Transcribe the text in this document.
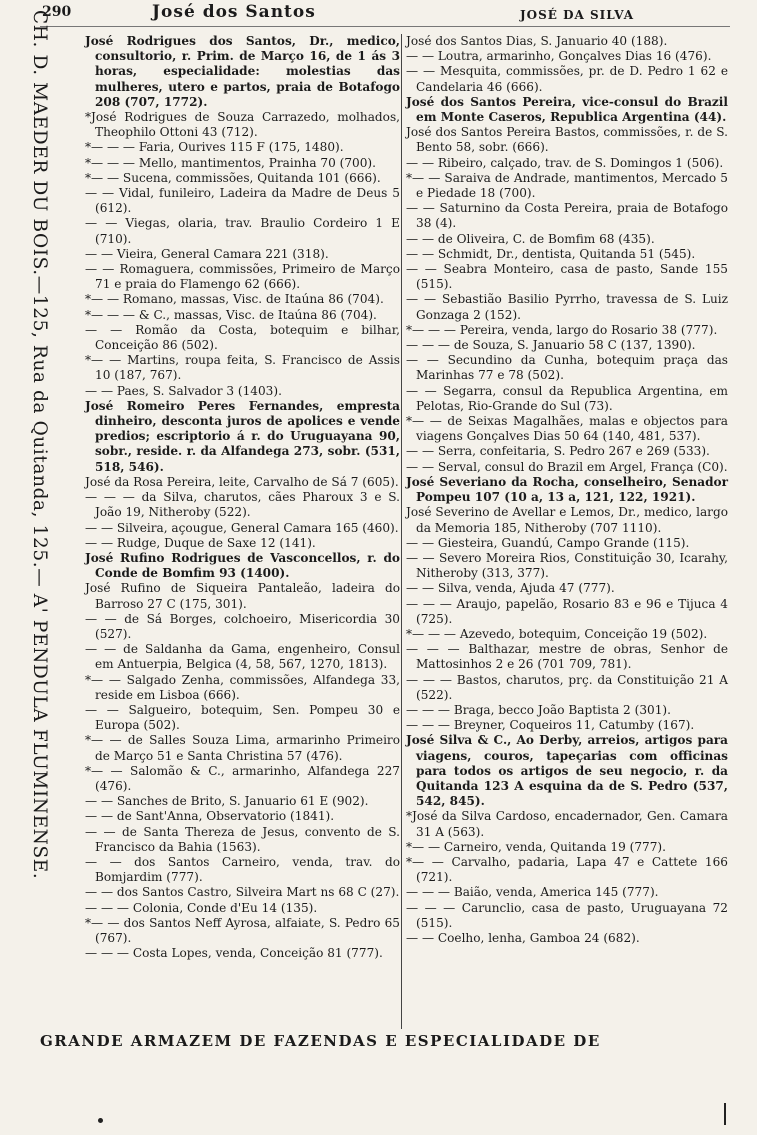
290	José dos Santos	JOSÉ DA SILVA
CH. D. MAEDER DU BOIS.—125, Rua da Quitanda, 125.— A' PENDULA FLUMINENSE.	José Rodrigues dos Santos, Dr., medico, consultorio, r. Prim. de Março 16, de 1 ás 3 horas, especialidade: molestias das mulheres, utero e partos, praia de Botafogo 208 (707, 1772).

*José Rodrigues de Souza Carrazedo, molhados, Theophilo Ottoni 43 (712).

*— — — Faria, Ourives 115 F (175, 1480).

*— — — Mello, mantimentos, Prainha 70 (700).

*— — Sucena, commissões, Quitanda 101 (666).

— — Vidal, funileiro, Ladeira da Madre de Deus 5 (612).

— — Viegas, olaria, trav. Braulio Cordeiro 1 E (710).

— — Vieira, General Camara 221 (318).

— — Romaguera, commissões, Primeiro de Março 71 e praia do Flamengo 62 (666).

*— — Romano, massas, Visc. de Itaúna 86 (704).

*— — — & C., massas, Visc. de Itaúna 86 (704).

— — Romão da Costa, botequim e bilhar, Conceição 86 (502).

*— — Martins, roupa feita, S. Francisco de Assis 10 (187, 767).

— — Paes, S. Salvador 3 (1403).

José Romeiro Peres Fernandes, empresta dinheiro, desconta juros de apolices e vende predios; escriptorio á r. do Uruguayana 90, sobr., reside. r. da Alfandega 273, sobr. (531, 518, 546).

José da Rosa Pereira, leite, Carvalho de Sá 7 (605).

— — — da Silva, charutos, cães Pharoux 3 e S. João 19, Nitheroby (522).

— — Silveira, açougue, General Camara 165 (460).

— — Rudge, Duque de Saxe 12 (141).

José Rufino Rodrigues de Vasconcellos, r. do Conde de Bomfim 93 (1400).

José Rufino de Siqueira Pantaleão, ladeira do Barroso 27 C (175, 301).

— — de Sá Borges, colchoeiro, Misericordia 30 (527).

— — de Saldanha da Gama, engenheiro, Consul em Antuerpia, Belgica (4, 58, 567, 1270, 1813).

*— — Salgado Zenha, commissões, Alfandega 33, reside em Lisboa (666).

— — Salgueiro, botequim, Sen. Pompeu 30 e Europa (502).

*— — de Salles Souza Lima, armarinho Primeiro de Março 51 e Santa Christina 57 (476).

*— — Salomão & C., armarinho, Alfandega 227 (476).

— — Sanches de Brito, S. Januario 61 E (902).

— — de Sant'Anna, Observatorio (1841).

— — de Santa Thereza de Jesus, convento de S. Francisco da Bahia (1563).

— — dos Santos Carneiro, venda, trav. do Bomjardim (777).

— — dos Santos Castro, Silveira Mart ns 68 C (27).

— — — Colonia, Conde d'Eu 14 (135).

*— — dos Santos Neff Ayrosa, alfaiate, S. Pedro 65 (767).

— — — Costa Lopes, venda, Conceição 81 (777).

José dos Santos Dias, S. Januario 40 (188).

— — Loutra, armarinho, Gonçalves Dias 16 (476).

— — Mesquita, commissões, pr. de D. Pedro 1 62 e Candelaria 46 (666).

José dos Santos Pereira, vice-consul do Brazil em Monte Caseros, Republica Argentina (44).

José dos Santos Pereira Bastos, commissões, r. de S. Bento 58, sobr. (666).

— — Ribeiro, calçado, trav. de S. Domingos 1 (506).

*— — Saraiva de Andrade, mantimentos, Mercado 5 e Piedade 18 (700).

— — Saturnino da Costa Pereira, praia de Botafogo 38 (4).

— — de Oliveira, C. de Bomfim 68 (435).

— — Schmidt, Dr., dentista, Quitanda 51 (545).

— — Seabra Monteiro, casa de pasto, Sande 155 (515).

— — Sebastião Basilio Pyrrho, travessa de S. Luiz Gonzaga 2 (152).

*— — — Pereira, venda, largo do Rosario 38 (777).

— — — de Souza, S. Januario 58 C (137, 1390).

— — Secundino da Cunha, botequim praça das Marinhas 77 e 78 (502).

— — Segarra, consul da Republica Argentina, em Pelotas, Rio-Grande do Sul (73).

*— — de Seixas Magalhães, malas e objectos para viagens Gonçalves Dias 50 64 (140, 481, 537).

— — Serra, confeitaria, S. Pedro 267 e 269 (533).

— — Serval, consul do Brazil em Argel, França (C0).

José Severiano da Rocha, conselheiro, Senador Pompeu 107 (10 a, 13 a, 121, 122, 1921).

José Severino de Avellar e Lemos, Dr., medico, largo da Memoria 185, Nitheroby (707 1110).

— — Giesteira, Guandú, Campo Grande (115).

— — Severo Moreira Rios, Constituição 30, Icarahy, Nitheroby (313, 377).

— — Silva, venda, Ajuda 47 (777).

— — — Araujo, papelão, Rosario 83 e 96 e Tijuca 4 (725).

*— — — Azevedo, botequim, Conceição 19 (502).

— — — Balthazar, mestre de obras, Senhor de Mattosinhos 2 e 26 (701 709, 781).

— — — Bastos, charutos, prç. da Constituição 21 A (522).

— — — Braga, becco João Baptista 2 (301).

— — — Breyner, Coqueiros 11, Catumby (167).

José Silva & C., Ao Derby, arreios, artigos para viagens, couros, tapeçarias com officinas para todos os artigos de seu negocio, r. da Quitanda 123 A esquina da de S. Pedro (537, 542, 845).

*José da Silva Cardoso, encadernador, Gen. Camara 31 A (563).

*— — Carneiro, venda, Quitanda 19 (777).

*— — Carvalho, padaria, Lapa 47 e Cattete 166 (721).

— — — Baião, venda, America 145 (777).

— — — Carunclio, casa de pasto, Uruguayana 72 (515).

— — Coelho, lenha, Gamboa 24 (682).

GRANDE ARMAZEM DE FAZENDAS E ESPECIALIDADE DE
